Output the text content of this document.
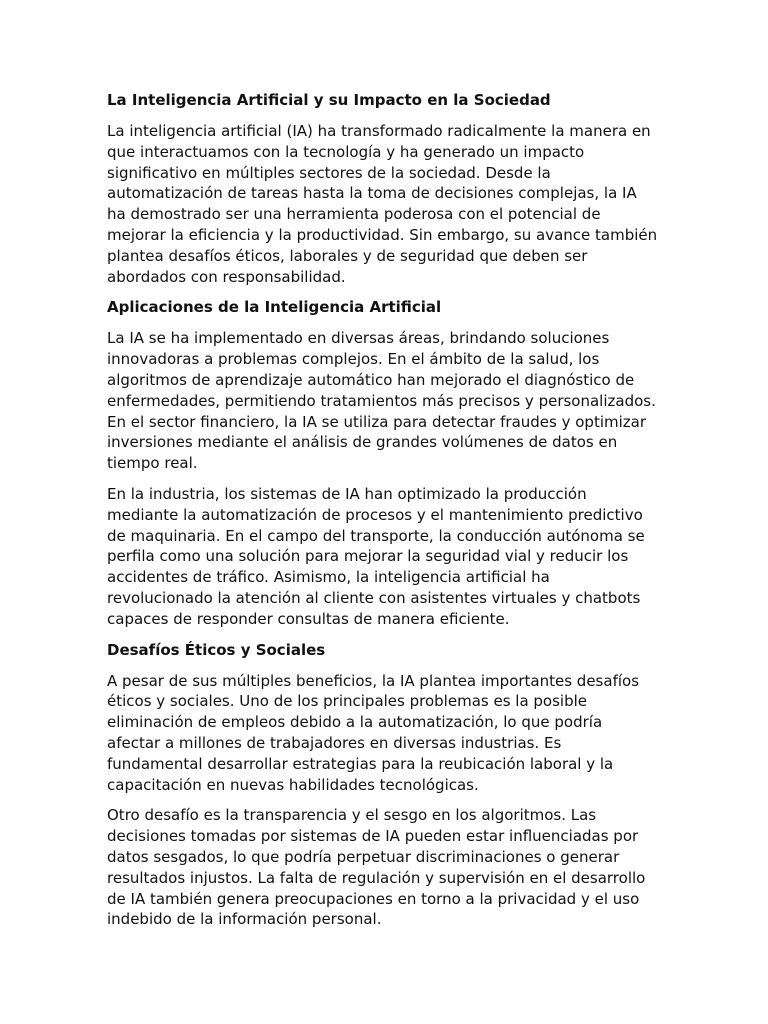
La Inteligencia Artificial y su Impacto en la Sociedad
La inteligencia artificial (IA) ha transformado radicalmente la manera en
que interactuamos con la tecnología y ha generado un impacto
significativo en múltiples sectores de la sociedad. Desde la
automatización de tareas hasta la toma de decisiones complejas, la IA
ha demostrado ser una herramienta poderosa con el potencial de
mejorar la eficiencia y la productividad. Sin embargo, su avance también
plantea desafíos éticos, laborales y de seguridad que deben ser
abordados con responsabilidad.
Aplicaciones de la Inteligencia Artificial
La IA se ha implementado en diversas áreas, brindando soluciones
innovadoras a problemas complejos. En el ámbito de la salud, los
algoritmos de aprendizaje automático han mejorado el diagnóstico de
enfermedades, permitiendo tratamientos más precisos y personalizados.
En el sector financiero, la IA se utiliza para detectar fraudes y optimizar
inversiones mediante el análisis de grandes volúmenes de datos en
tiempo real.
En la industria, los sistemas de IA han optimizado la producción
mediante la automatización de procesos y el mantenimiento predictivo
de maquinaria. En el campo del transporte, la conducción autónoma se
perfila como una solución para mejorar la seguridad vial y reducir los
accidentes de tráfico. Asimismo, la inteligencia artificial ha
revolucionado la atención al cliente con asistentes virtuales y chatbots
capaces de responder consultas de manera eficiente.
Desafíos Éticos y Sociales
A pesar de sus múltiples beneficios, la IA plantea importantes desafíos
éticos y sociales. Uno de los principales problemas es la posible
eliminación de empleos debido a la automatización, lo que podría
afectar a millones de trabajadores en diversas industrias. Es
fundamental desarrollar estrategias para la reubicación laboral y la
capacitación en nuevas habilidades tecnológicas.
Otro desafío es la transparencia y el sesgo en los algoritmos. Las
decisiones tomadas por sistemas de IA pueden estar influenciadas por
datos sesgados, lo que podría perpetuar discriminaciones o generar
resultados injustos. La falta de regulación y supervisión en el desarrollo
de IA también genera preocupaciones en torno a la privacidad y el uso
indebido de la información personal.
